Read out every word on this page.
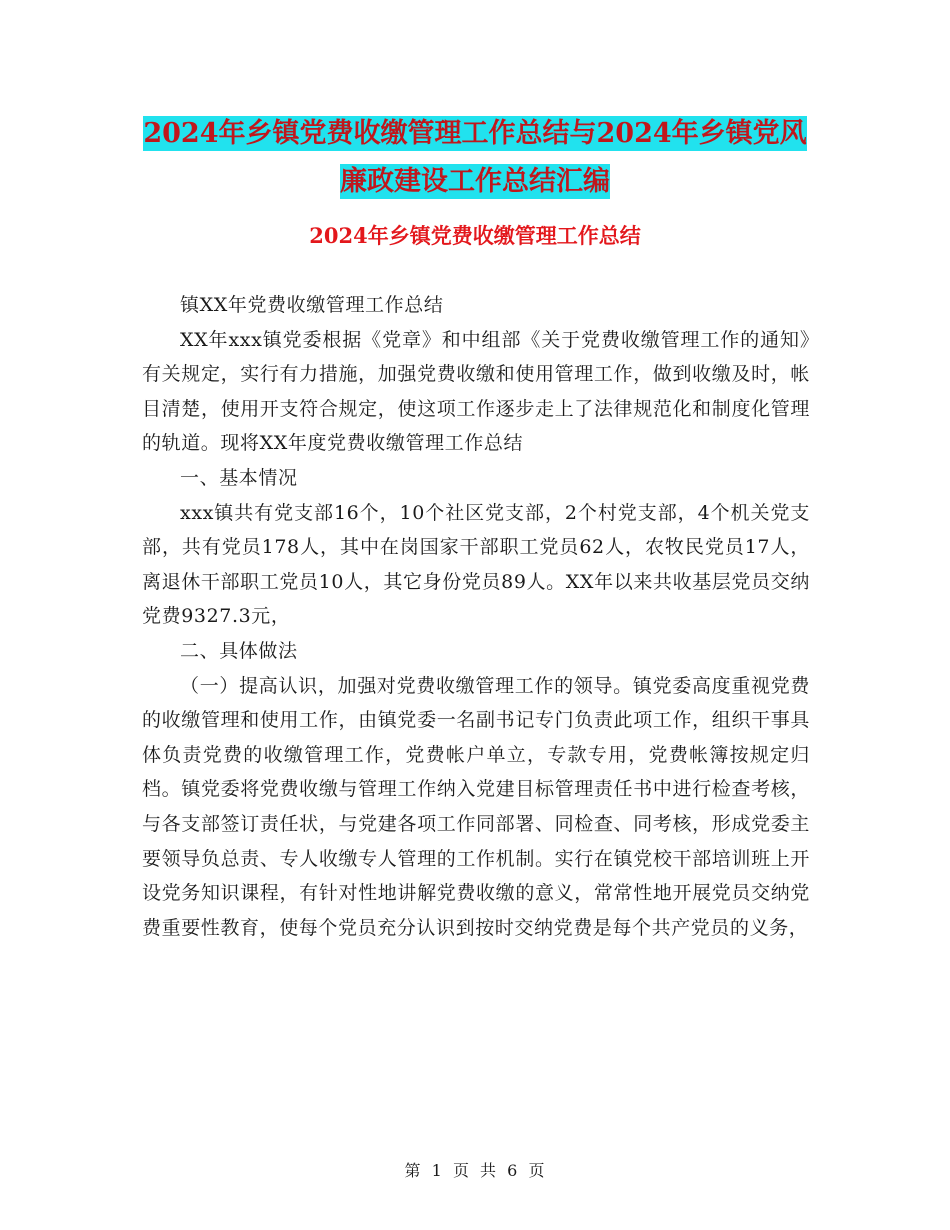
2024年乡镇党费收缴管理工作总结与2024年乡镇党风
廉政建设工作总结汇编
2024年乡镇党费收缴管理工作总结

镇XX年党费收缴管理工作总结

XX年xxx镇党委根据《党章》和中组部《关于党费收缴管理工作的通知》有关规定，实行有力措施，加强党费收缴和使用管理工作，做到收缴及时，帐目清楚，使用开支符合规定，使这项工作逐步走上了法律规范化和制度化管理的轨道。现将XX年度党费收缴管理工作总结

一、基本情况

xxx镇共有党支部16个，10个社区党支部，2个村党支部，4个机关党支部，共有党员178人，其中在岗国家干部职工党员62人，农牧民党员17人，离退休干部职工党员10人，其它身份党员89人。XX年以来共收基层党员交纳党费9327.3元，

二、具体做法

（一）提高认识，加强对党费收缴管理工作的领导。镇党委高度重视党费的收缴管理和使用工作，由镇党委一名副书记专门负责此项工作，组织干事具体负责党费的收缴管理工作，党费帐户单立，专款专用，党费帐簿按规定归档。镇党委将党费收缴与管理工作纳入党建目标管理责任书中进行检查考核，与各支部签订责任状，与党建各项工作同部署、同检查、同考核，形成党委主要领导负总责、专人收缴专人管理的工作机制。实行在镇党校干部培训班上开设党务知识课程，有针对性地讲解党费收缴的意义，常常性地开展党员交纳党费重要性教育，使每个党员充分认识到按时交纳党费是每个共产党员的义务，

第 1 页 共 6 页
